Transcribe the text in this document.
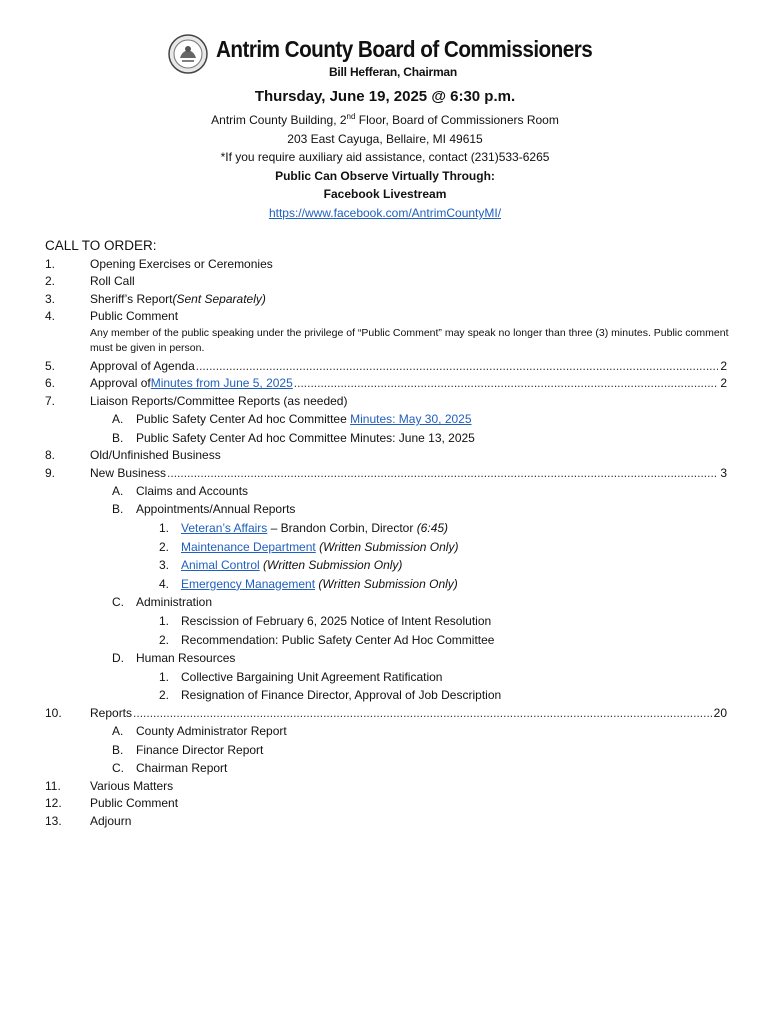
Antrim County Board of Commissioners
Bill Hefferan, Chairman
Thursday, June 19, 2025 @ 6:30 p.m.
Antrim County Building, 2nd Floor, Board of Commissioners Room
203 East Cayuga, Bellaire, MI 49615
*If you require auxiliary aid assistance, contact (231)533-6265
Public Can Observe Virtually Through:
Facebook Livestream
https://www.facebook.com/AntrimCountyMI/
CALL TO ORDER:
1.	Opening Exercises or Ceremonies
2.	Roll Call
3.	Sheriff’s Report (Sent Separately)
4.	Public Comment
Any member of the public speaking under the privilege of “Public Comment” may speak no longer than three (3) minutes. Public comment must be given in person.
5.	Approval of Agenda .....	2
6.	Approval of Minutes from June 5, 2025 .....	2
7.	Liaison Reports/Committee Reports (as needed)
A. Public Safety Center Ad hoc Committee Minutes: May 30, 2025
B. Public Safety Center Ad hoc Committee Minutes: June 13, 2025
8.	Old/Unfinished Business
9.	New Business .....	3
A. Claims and Accounts
B. Appointments/Annual Reports
1. Veteran’s Affairs – Brandon Corbin, Director (6:45)
2. Maintenance Department (Written Submission Only)
3. Animal Control (Written Submission Only)
4. Emergency Management (Written Submission Only)
C. Administration
1. Rescission of February 6, 2025 Notice of Intent Resolution
2. Recommendation: Public Safety Center Ad Hoc Committee
D. Human Resources
1. Collective Bargaining Unit Agreement Ratification
2. Resignation of Finance Director, Approval of Job Description
10.	Reports .....	20
A. County Administrator Report
B. Finance Director Report
C. Chairman Report
11.	Various Matters
12.	Public Comment
13.	Adjourn
